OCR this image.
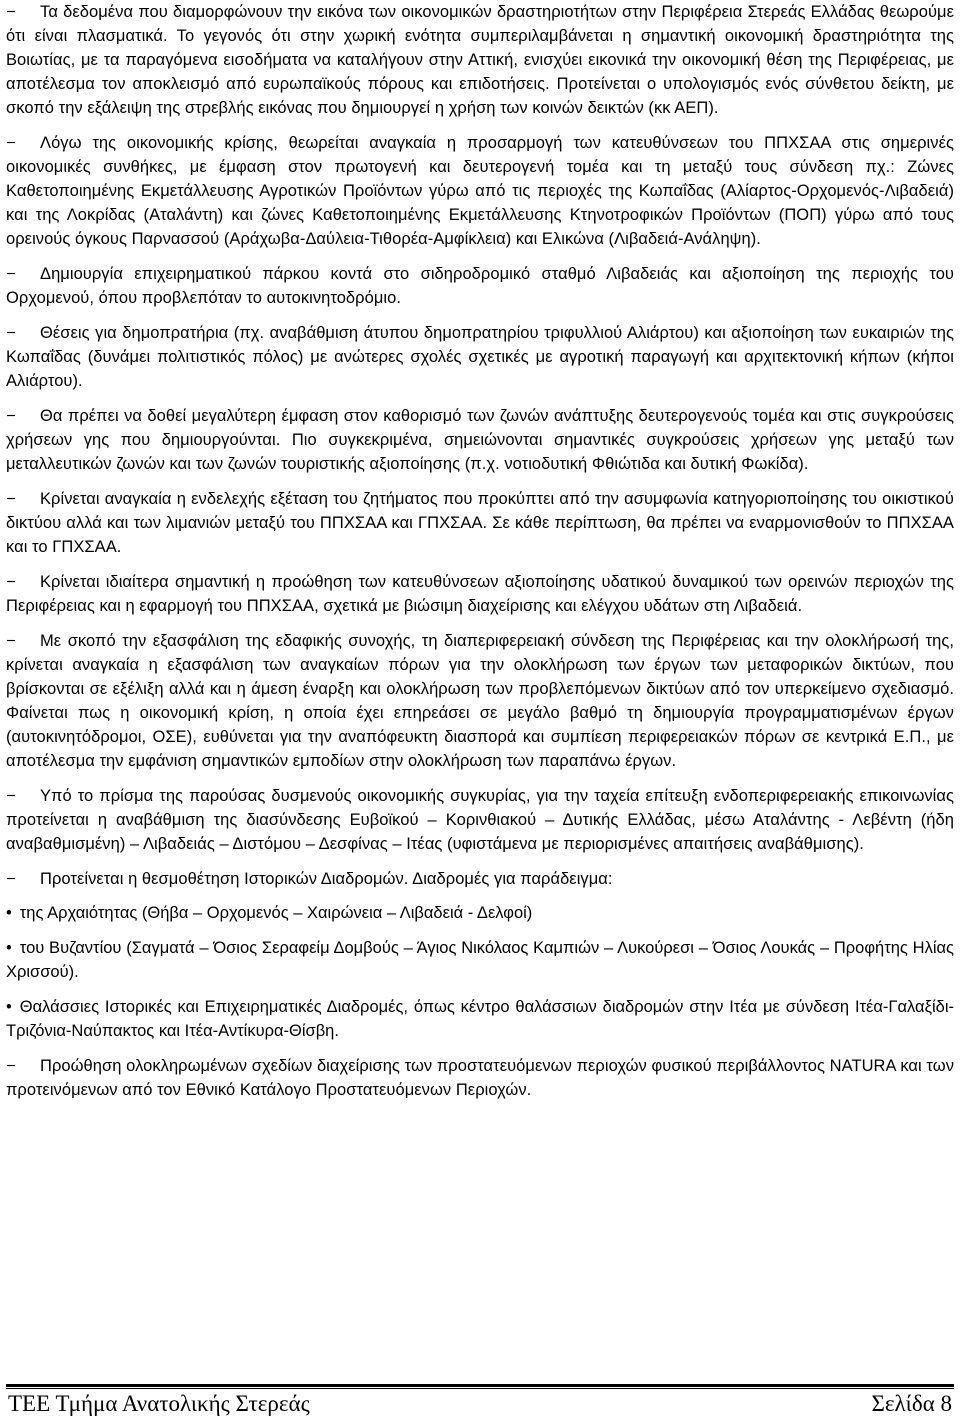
− Τα δεδομένα που διαμορφώνουν την εικόνα των οικονομικών δραστηριοτήτων στην Περιφέρεια Στερεάς Ελλάδας θεωρούμε ότι είναι πλασματικά. Το γεγονός ότι στην χωρική ενότητα συμπεριλαμβάνεται η σημαντική οικονομική δραστηριότητα της Βοιωτίας, με τα παραγόμενα εισοδήματα να καταλήγουν στην Αττική, ενισχύει εικονικά την οικονομική θέση της Περιφέρειας, με αποτέλεσμα τον αποκλεισμό από ευρωπαϊκούς πόρους και επιδοτήσεις. Προτείνεται ο υπολογισμός ενός σύνθετου δείκτη, με σκοπό την εξάλειψη της στρεβλής εικόνας που δημιουργεί η χρήση των κοινών δεικτών (κκ ΑΕΠ).

− Λόγω της οικονομικής κρίσης, θεωρείται αναγκαία η προσαρμογή των κατευθύνσεων του ΠΠΧΣΑΑ στις σημερινές οικονομικές συνθήκες, με έμφαση στον πρωτογενή και δευτερογενή τομέα και τη μεταξύ τους σύνδεση πχ.: Ζώνες Καθετοποιημένης Εκμετάλλευσης Αγροτικών Προϊόντων γύρω από τις περιοχές της Κωπαΐδας (Αλίαρτος-Ορχομενός-Λιβαδειά) και της Λοκρίδας (Αταλάντη) και ζώνες Καθετοποιημένης Εκμετάλλευσης Κτηνοτροφικών Προϊόντων (ΠΟΠ) γύρω από τους ορεινούς όγκους Παρνασσού (Αράχωβα-Δαύλεια-Τιθορέα-Αμφίκλεια) και Ελικώνα (Λιβαδειά-Ανάληψη).

− Δημιουργία επιχειρηματικού πάρκου κοντά στο σιδηροδρομικό σταθμό Λιβαδειάς και αξιοποίηση της περιοχής του Ορχομενού, όπου προβλεπόταν το αυτοκινητοδρόμιο.

− Θέσεις για δημοπρατήρια (πχ. αναβάθμιση άτυπου δημοπρατηρίου τριφυλλιού Αλιάρτου) και αξιοποίηση των ευκαιριών της Κωπαΐδας (δυνάμει πολιτιστικός πόλος) με ανώτερες σχολές σχετικές με αγροτική παραγωγή και αρχιτεκτονική κήπων (κήποι Αλιάρτου).

− Θα πρέπει να δοθεί μεγαλύτερη έμφαση στον καθορισμό των ζωνών ανάπτυξης δευτερογενούς τομέα και στις συγκρούσεις χρήσεων γης που δημιουργούνται. Πιο συγκεκριμένα, σημειώνονται σημαντικές συγκρούσεις χρήσεων γης μεταξύ των μεταλλευτικών ζωνών και των ζωνών τουριστικής αξιοποίησης (π.χ. νοτιοδυτική Φθιώτιδα και δυτική Φωκίδα).

− Κρίνεται αναγκαία η ενδελεχής εξέταση του ζητήματος που προκύπτει από την ασυμφωνία κατηγοριοποίησης του οικιστικού δικτύου αλλά και των λιμανιών μεταξύ του ΠΠΧΣΑΑ και ΓΠΧΣΑΑ. Σε κάθε περίπτωση, θα πρέπει να εναρμονισθούν το ΠΠΧΣΑΑ και το ΓΠΧΣΑΑ.

− Κρίνεται ιδιαίτερα σημαντική η προώθηση των κατευθύνσεων αξιοποίησης υδατικού δυναμικού των ορεινών περιοχών της Περιφέρειας και η εφαρμογή του ΠΠΧΣΑΑ, σχετικά με βιώσιμη διαχείρισης και ελέγχου υδάτων στη Λιβαδειά.

− Με σκοπό την εξασφάλιση της εδαφικής συνοχής, τη διαπεριφερειακή σύνδεση της Περιφέρειας και την ολοκλήρωσή της, κρίνεται αναγκαία η εξασφάλιση των αναγκαίων πόρων για την ολοκλήρωση των έργων των μεταφορικών δικτύων, που βρίσκονται σε εξέλιξη αλλά και η άμεση έναρξη και ολοκλήρωση των προβλεπόμενων δικτύων από τον υπερκείμενο σχεδιασμό. Φαίνεται πως η οικονομική κρίση, η οποία έχει επηρεάσει σε μεγάλο βαθμό τη δημιουργία προγραμματισμένων έργων (αυτοκινητόδρομοι, ΟΣΕ), ευθύνεται για την αναπόφευκτη διασπορά και συμπίεση περιφερειακών πόρων σε κεντρικά Ε.Π., με αποτέλεσμα την εμφάνιση σημαντικών εμποδίων στην ολοκλήρωση των παραπάνω έργων.

− Υπό το πρίσμα της παρούσας δυσμενούς οικονομικής συγκυρίας, για την ταχεία επίτευξη ενδοπεριφερειακής επικοινωνίας προτείνεται η αναβάθμιση της διασύνδεσης Ευβοϊκού – Κορινθιακού – Δυτικής Ελλάδας, μέσω Αταλάντης - Λεβέντη (ήδη αναβαθμισμένη) – Λιβαδειάς – Διστόμου – Δεσφίνας – Ιτέας (υφιστάμενα με περιορισμένες απαιτήσεις αναβάθμισης).

− Προτείνεται η θεσμοθέτηση Ιστορικών Διαδρομών. Διαδρομές για παράδειγμα:

• της Αρχαιότητας (Θήβα – Ορχομενός – Χαιρώνεια – Λιβαδειά - Δελφοί)

• του Βυζαντίου (Σαγματά – Όσιος Σεραφείμ Δομβούς – Άγιος Νικόλαος Καμπιών – Λυκούρεσι – Όσιος Λουκάς – Προφήτης Ηλίας Χρισσού).

• Θαλάσσιες Ιστορικές και Επιχειρηματικές Διαδρομές, όπως κέντρο θαλάσσιων διαδρομών στην Ιτέα με σύνδεση Ιτέα-Γαλαξίδι-Τριζόνια-Ναύπακτος και Ιτέα-Αντίκυρα-Θίσβη.

− Προώθηση ολοκληρωμένων σχεδίων διαχείρισης των προστατευόμενων περιοχών φυσικού περιβάλλοντος NATURA και των προτεινόμενων από τον Εθνικό Κατάλογο Προστατευόμενων Περιοχών.

ΤΕΕ Τμήμα Ανατολικής Στερεάς	Σελίδα 8
